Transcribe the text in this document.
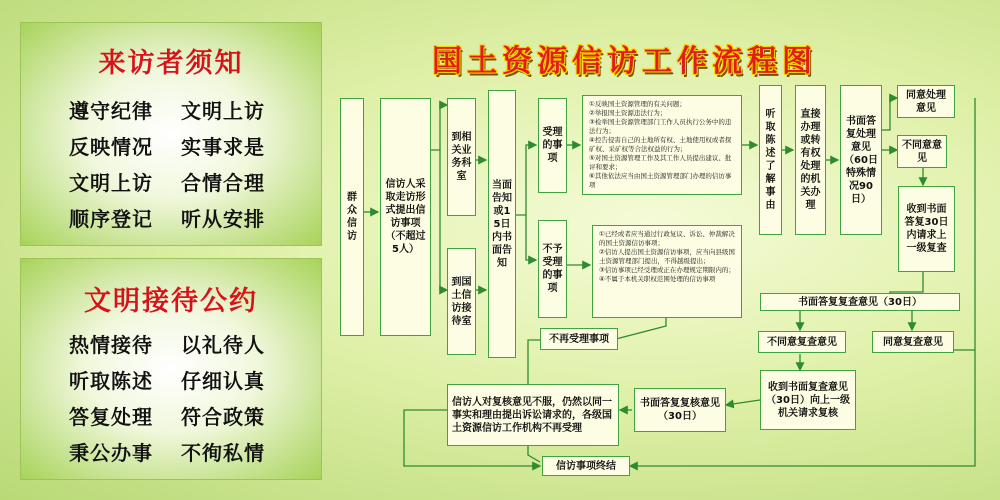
来访者须知
遵守纪律 文明上访
反映情况 实事求是
文明上访 合情合理
顺序登记 听从安排
文明接待公约
热情接待 以礼待人
听取陈述 仔细认真
答复处理 符合政策
秉公办事 不徇私情
国土资源信访工作流程图
群众信访
信访人采取走访形式提出信访事项（不超过5人）
到相关业务科室
到国土信访接待室
当面告知或15日内书面告知
受理的事项
不予受理的事项
①反映国土资源管理的有关问题；
②举报国土资源违法行为；
③检举国土资源管理部门工作人员执行公务中的违法行为；
④控告侵害自己的土地所有权、土地使用权或者探矿权、采矿权等合法权益的行为；
⑤对国土资源管理工作及其工作人员提出建议、批评和要求；
⑥其他依法应当由国土资源管理部门办理的信访事项
①已经或者应当通过行政复议、诉讼、仲裁解决的国土资源信访事项；
②信访人提出国土资源信访事项，应当向县级国土资源管理部门提出，不得越级提出；
③信访事项已经受理或正在办理规定期限内的；
④不属于本机关职权范围处理的信访事项
听取陈述了解事由
直接办理或转有权处理的机关办理
书面答复处理意见（60日特殊情况90日）
同意处理意见
不同意意见
收到书面答复30日内请求上一级复查
书面答复复查意见（30日）
不同意复查意见	同意复查意见
收到书面复查意见（30日）向上一级机关请求复核
书面答复复核意见（30日）
信访人对复核意见不服，仍然以同一事实和理由提出诉讼请求的，各级国土资源信访工作机构不再受理
不再受理事项
信访事项终结
